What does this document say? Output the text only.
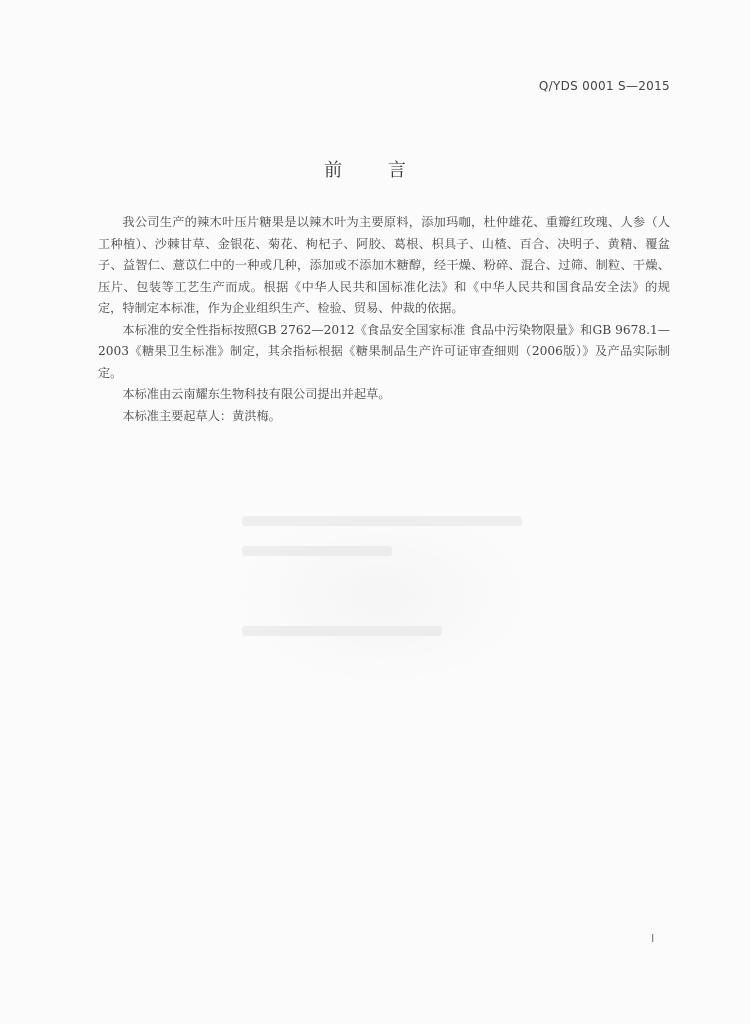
Q/YDS 0001 S—2015
前 言

我公司生产的辣木叶压片糖果是以辣木叶为主要原料，添加玛咖，杜仲雄花、重瓣红玫瑰、人参（人工种植）、沙棘甘草、金银花、菊花、枸杞子、阿胶、葛根、枳具子、山楂、百合、决明子、黄精、覆盆子、益智仁、薏苡仁中的一种或几种，添加或不添加木糖醇，经干燥、粉碎、混合、过筛、制粒、干燥、压片、包装等工艺生产而成。根据《中华人民共和国标准化法》和《中华人民共和国食品安全法》的规定，特制定本标准，作为企业组织生产、检验、贸易、仲裁的依据。

本标准的安全性指标按照GB 2762—2012《食品安全国家标准 食品中污染物限量》和GB 9678.1—2003《糖果卫生标准》制定，其余指标根据《糖果制品生产许可证审查细则（2006版）》及产品实际制定。

本标准由云南耀东生物科技有限公司提出并起草。

本标准主要起草人：黄洪梅。

I
